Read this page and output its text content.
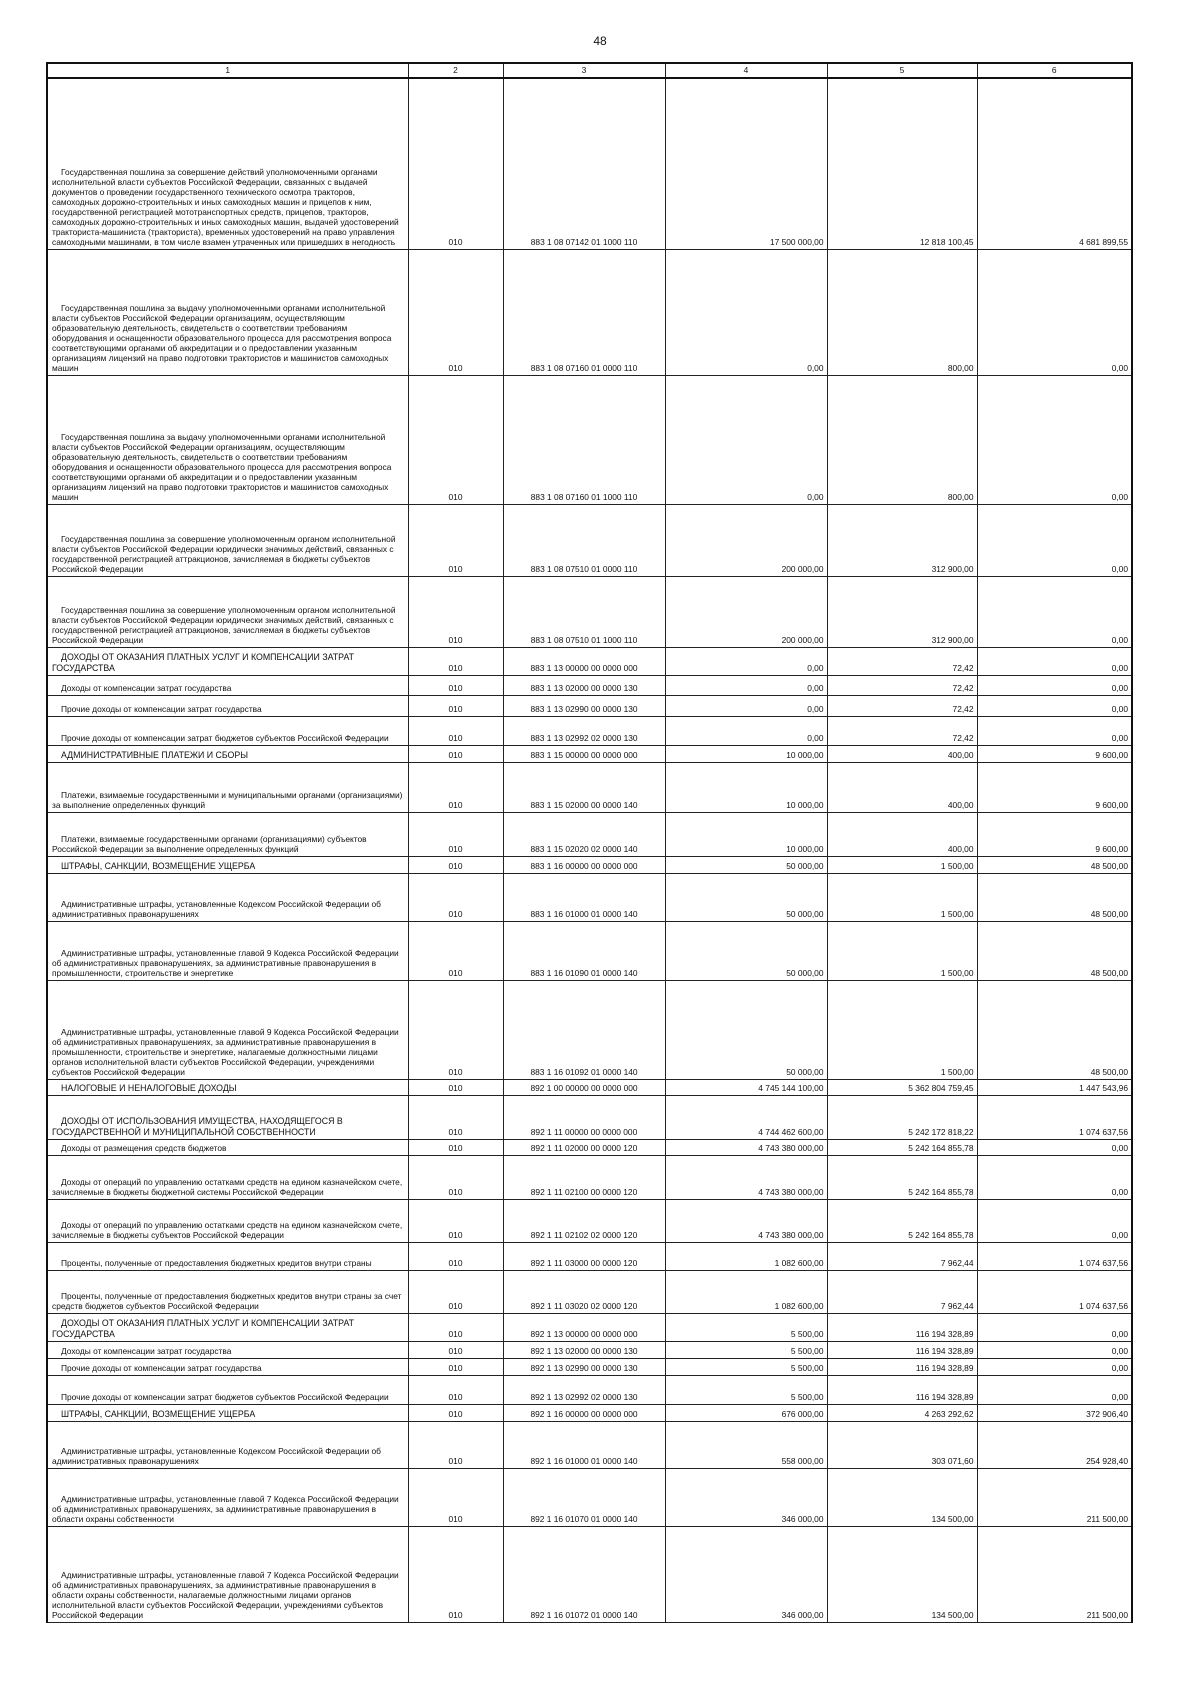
48
1	2	3	4	5	6

Государственная пошлина за совершение действий уполномоченными органами исполнительной власти субъектов Российской Федерации, связанных с выдачей документов о проведении государственного технического осмотра тракторов, самоходных дорожно-строительных и иных самоходных машин и прицепов к ним, государственной регистрацией мототранспортных средств, прицепов, тракторов, самоходных дорожно-строительных и иных самоходных машин, выдачей удостоверений тракториста-машиниста (тракториста), временных удостоверений на право управления самоходными машинами, в том числе взамен утраченных или пришедших в негодность	010	883 1 08 07142 01 1000 110	17 500 000,00	12 818 100,45	4 681 899,55

Государственная пошлина за выдачу уполномоченными органами исполнительной власти субъектов Российской Федерации организациям, осуществляющим образовательную деятельность, свидетельств о соответствии требованиям оборудования и оснащенности образовательного процесса для рассмотрения вопроса соответствующими органами об аккредитации и о предоставлении указанным организациям лицензий на право подготовки трактористов и машинистов самоходных машин	010	883 1 08 07160 01 0000 110	0,00	800,00	0,00

Государственная пошлина за выдачу уполномоченными органами исполнительной власти субъектов Российской Федерации организациям, осуществляющим образовательную деятельность, свидетельств о соответствии требованиям оборудования и оснащенности образовательного процесса для рассмотрения вопроса соответствующими органами об аккредитации и о предоставлении указанным организациям лицензий на право подготовки трактористов и машинистов самоходных машин	010	883 1 08 07160 01 1000 110	0,00	800,00	0,00

Государственная пошлина за совершение уполномоченным органом исполнительной власти субъектов Российской Федерации юридически значимых действий, связанных с государственной регистрацией аттракционов, зачисляемая в бюджеты субъектов Российской Федерации	010	883 1 08 07510 01 0000 110	200 000,00	312 900,00	0,00

Государственная пошлина за совершение уполномоченным органом исполнительной власти субъектов Российской Федерации юридически значимых действий, связанных с государственной регистрацией аттракционов, зачисляемая в бюджеты субъектов Российской Федерации	010	883 1 08 07510 01 1000 110	200 000,00	312 900,00	0,00

ДОХОДЫ ОТ ОКАЗАНИЯ ПЛАТНЫХ УСЛУГ И КОМПЕНСАЦИИ ЗАТРАТ ГОСУДАРСТВА	010	883 1 13 00000 00 0000 000	0,00	72,42	0,00

Доходы от компенсации затрат государства	010	883 1 13 02000 00 0000 130	0,00	72,42	0,00

Прочие доходы от компенсации затрат государства	010	883 1 13 02990 00 0000 130	0,00	72,42	0,00

Прочие доходы от компенсации затрат бюджетов субъектов Российской Федерации	010	883 1 13 02992 02 0000 130	0,00	72,42	0,00

АДМИНИСТРАТИВНЫЕ ПЛАТЕЖИ И СБОРЫ	010	883 1 15 00000 00 0000 000	10 000,00	400,00	9 600,00

Платежи, взимаемые государственными и муниципальными органами (организациями) за выполнение определенных функций	010	883 1 15 02000 00 0000 140	10 000,00	400,00	9 600,00

Платежи, взимаемые государственными органами (организациями) субъектов Российской Федерации за выполнение определенных функций	010	883 1 15 02020 02 0000 140	10 000,00	400,00	9 600,00

ШТРАФЫ, САНКЦИИ, ВОЗМЕЩЕНИЕ УЩЕРБА	010	883 1 16 00000 00 0000 000	50 000,00	1 500,00	48 500,00

Административные штрафы, установленные Кодексом Российской Федерации об административных правонарушениях	010	883 1 16 01000 01 0000 140	50 000,00	1 500,00	48 500,00

Административные штрафы, установленные главой 9 Кодекса Российской Федерации об административных правонарушениях, за административные правонарушения в промышленности, строительстве и энергетике	010	883 1 16 01090 01 0000 140	50 000,00	1 500,00	48 500,00

Административные штрафы, установленные главой 9 Кодекса Российской Федерации об административных правонарушениях, за административные правонарушения в промышленности, строительстве и энергетике, налагаемые должностными лицами органов исполнительной власти субъектов Российской Федерации, учреждениями субъектов Российской Федерации	010	883 1 16 01092 01 0000 140	50 000,00	1 500,00	48 500,00

НАЛОГОВЫЕ И НЕНАЛОГОВЫЕ ДОХОДЫ	010	892 1 00 00000 00 0000 000	4 745 144 100,00	5 362 804 759,45	1 447 543,96

ДОХОДЫ ОТ ИСПОЛЬЗОВАНИЯ ИМУЩЕСТВА, НАХОДЯЩЕГОСЯ В ГОСУДАРСТВЕННОЙ И МУНИЦИПАЛЬНОЙ СОБСТВЕННОСТИ	010	892 1 11 00000 00 0000 000	4 744 462 600,00	5 242 172 818,22	1 074 637,56

Доходы от размещения средств бюджетов	010	892 1 11 02000 00 0000 120	4 743 380 000,00	5 242 164 855,78	0,00

Доходы от операций по управлению остатками средств на едином казначейском счете, зачисляемые в бюджеты бюджетной системы Российской Федерации	010	892 1 11 02100 00 0000 120	4 743 380 000,00	5 242 164 855,78	0,00

Доходы от операций по управлению остатками средств на едином казначейском счете, зачисляемые в бюджеты субъектов Российской Федерации	010	892 1 11 02102 02 0000 120	4 743 380 000,00	5 242 164 855,78	0,00

Проценты, полученные от предоставления бюджетных кредитов внутри страны	010	892 1 11 03000 00 0000 120	1 082 600,00	7 962,44	1 074 637,56

Проценты, полученные от предоставления бюджетных кредитов внутри страны за счет средств бюджетов субъектов Российской Федерации	010	892 1 11 03020 02 0000 120	1 082 600,00	7 962,44	1 074 637,56

ДОХОДЫ ОТ ОКАЗАНИЯ ПЛАТНЫХ УСЛУГ И КОМПЕНСАЦИИ ЗАТРАТ ГОСУДАРСТВА	010	892 1 13 00000 00 0000 000	5 500,00	116 194 328,89	0,00

Доходы от компенсации затрат государства	010	892 1 13 02000 00 0000 130	5 500,00	116 194 328,89	0,00

Прочие доходы от компенсации затрат государства	010	892 1 13 02990 00 0000 130	5 500,00	116 194 328,89	0,00

Прочие доходы от компенсации затрат бюджетов субъектов Российской Федерации	010	892 1 13 02992 02 0000 130	5 500,00	116 194 328,89	0,00

ШТРАФЫ, САНКЦИИ, ВОЗМЕЩЕНИЕ УЩЕРБА	010	892 1 16 00000 00 0000 000	676 000,00	4 263 292,62	372 906,40

Административные штрафы, установленные Кодексом Российской Федерации об административных правонарушениях	010	892 1 16 01000 01 0000 140	558 000,00	303 071,60	254 928,40

Административные штрафы, установленные главой 7 Кодекса Российской Федерации об административных правонарушениях, за административные правонарушения в области охраны собственности	010	892 1 16 01070 01 0000 140	346 000,00	134 500,00	211 500,00

Административные штрафы, установленные главой 7 Кодекса Российской Федерации об административных правонарушениях, за административные правонарушения в области охраны собственности, налагаемые должностными лицами органов исполнительной власти субъектов Российской Федерации, учреждениями субъектов Российской Федерации	010	892 1 16 01072 01 0000 140	346 000,00	134 500,00	211 500,00
